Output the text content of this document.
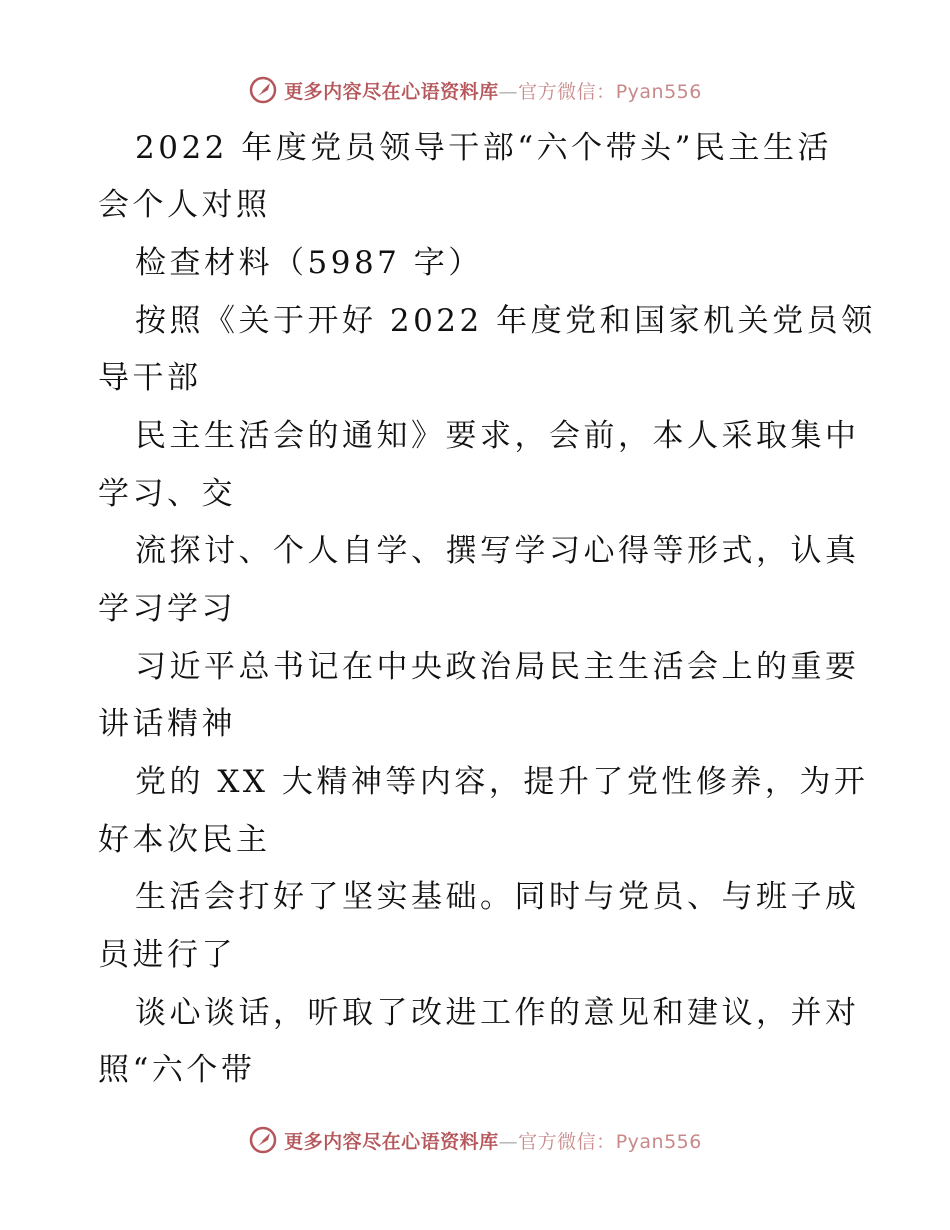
更多内容尽在心语资料库—官方微信：Pyan556
2022 年度党员领导干部“六个带头”民主生活
会个人对照
检查材料（5987 字）
按照《关于开好 2022 年度党和国家机关党员领
导干部
民主生活会的通知》要求，会前，本人采取集中
学习、交
流探讨、个人自学、撰写学习心得等形式，认真
学习学习
习近平总书记在中央政治局民主生活会上的重要
讲话精神
党的 XX 大精神等内容，提升了党性修养，为开
好本次民主
生活会打好了坚实基础。同时与党员、与班子成
员进行了
谈心谈话，听取了改进工作的意见和建议，并对
照“六个带
更多内容尽在心语资料库—官方微信：Pyan556
